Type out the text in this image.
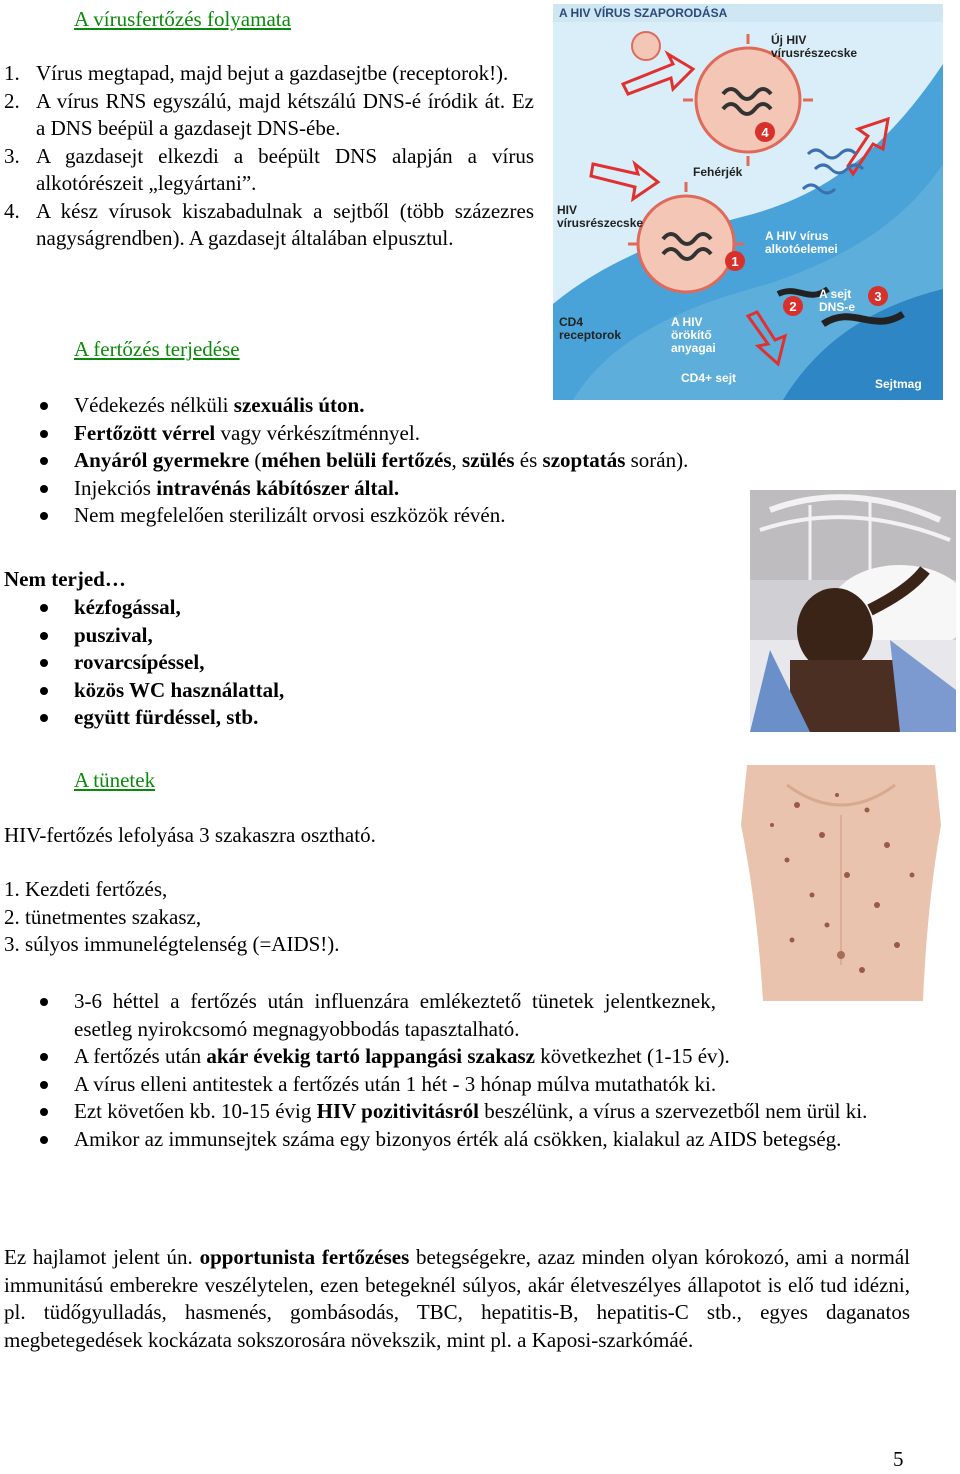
A vírusfertőzés folyamata
1. Vírus megtapad, majd bejut a gazdasejtbe (receptorok!).
2. A vírus RNS egyszálú, majd kétszálú DNS-é íródik át. Ez a DNS beépül a gazdasejt DNS-ébe.
3. A gazdasejt elkezdi a beépült DNS alapján a vírus alkotórészeit „legyártani”.
4. A kész vírusok kiszabadulnak a sejtből (több százezres nagyságrendben). A gazdasejt általában elpusztul.
A HIV VÍRUS SZAPORODÁSA
1
2
3
4
Új HIV
vírusrészecske
Fehérjék
HIV
vírusrészecske
A HIV vírus
alkotóelemei
CD4
receptorok
A HIV
örökítő
anyagai
A sejt
DNS-e
CD4+ sejt	Sejtmag
A fertőzés terjedése
Védekezés nélküli szexuális úton.
Fertőzött vérrel vagy vérkészítménnyel.
Anyáról gyermekre (méhen belüli fertőzés, szülés és szoptatás során).
Injekciós intravénás kábítószer által.
Nem megfelelően sterilizált orvosi eszközök révén.
Nem terjed…
kézfogással,
puszival,
rovarcsípéssel,
közös WC használattal,
együtt fürdéssel, stb.
A tünetek
HIV-fertőzés lefolyása 3 szakaszra osztható.
1. Kezdeti fertőzés,
2. tünetmentes szakasz,
3. súlyos immunelégtelenség (=AIDS!).
3-6 héttel a fertőzés után influenzára emlékeztető tünetek jelentkeznek, esetleg nyirokcsomó megnagyobbodás tapasztalható.
A fertőzés után akár évekig tartó lappangási szakasz következhet (1-15 év).
A vírus elleni antitestek a fertőzés után 1 hét - 3 hónap múlva mutathatók ki.
Ezt követően kb. 10-15 évig HIV pozitivitásról beszélünk, a vírus a szervezetből nem ürül ki.
Amikor az immunsejtek száma egy bizonyos érték alá csökken, kialakul az AIDS betegség.

Ez hajlamot jelent ún. opportunista fertőzéses betegségekre, azaz minden olyan kórokozó, ami a normál immunitású emberekre veszélytelen, ezen betegeknél súlyos, akár életveszélyes állapotot is elő tud idézni, pl. tüdőgyulladás, hasmenés, gombásodás, TBC, hepatitis-B, hepatitis-C stb., egyes daganatos megbetegedések kockázata sokszorosára növekszik, mint pl. a Kaposi-szarkómáé.

5
